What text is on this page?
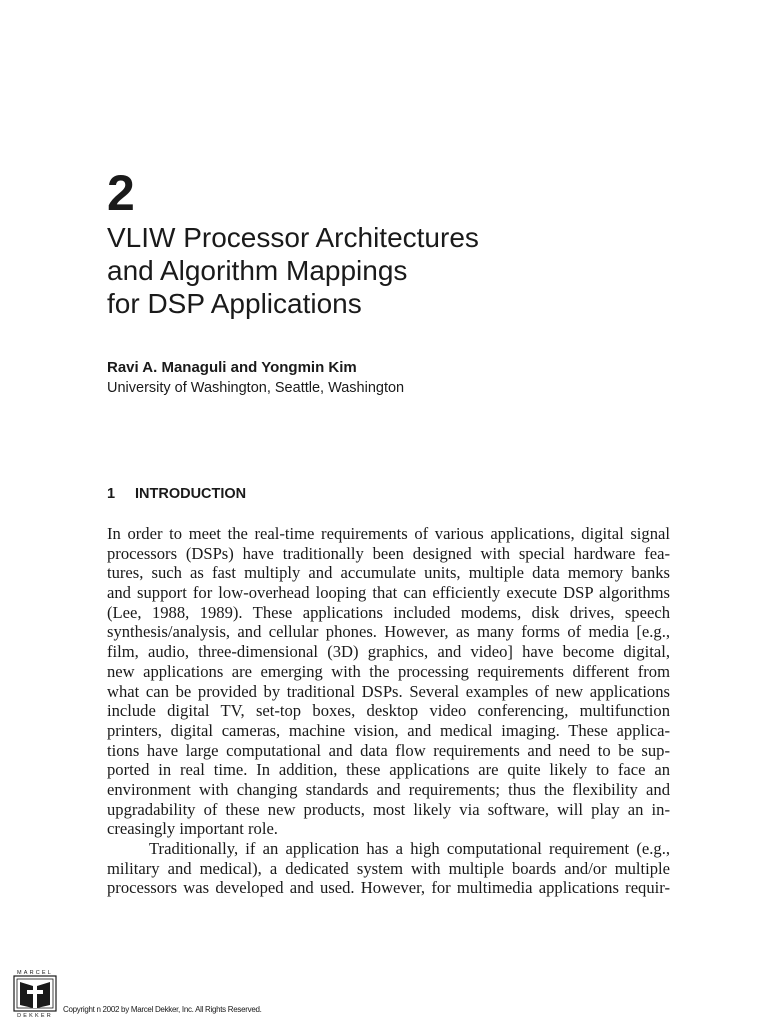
2
VLIW Processor Architectures
and Algorithm Mappings
for DSP Applications

Ravi A. Managuli and Yongmin Kim

University of Washington, Seattle, Washington

1 INTRODUCTION
In order to meet the real-time requirements of various applications, digital signal
processors (DSPs) have traditionally been designed with special hardware fea-
tures, such as fast multiply and accumulate units, multiple data memory banks
and support for low-overhead looping that can efficiently execute DSP algorithms
(Lee, 1988, 1989). These applications included modems, disk drives, speech
synthesis/analysis, and cellular phones. However, as many forms of media [e.g.,
film, audio, three-dimensional (3D) graphics, and video] have become digital,
new applications are emerging with the processing requirements different from
what can be provided by traditional DSPs. Several examples of new applications
include digital TV, set-top boxes, desktop video conferencing, multifunction
printers, digital cameras, machine vision, and medical imaging. These applica-
tions have large computational and data flow requirements and need to be sup-
ported in real time. In addition, these applications are quite likely to face an
environment with changing standards and requirements; thus the flexibility and
upgradability of these new products, most likely via software, will play an in-
creasingly important role.
Traditionally, if an application has a high computational requirement (e.g.,
military and medical), a dedicated system with multiple boards and/or multiple
processors was developed and used. However, for multimedia applications requir-
MARCEL
DEKKER

Copyright n 2002 by Marcel Dekker, Inc. All Rights Reserved.
